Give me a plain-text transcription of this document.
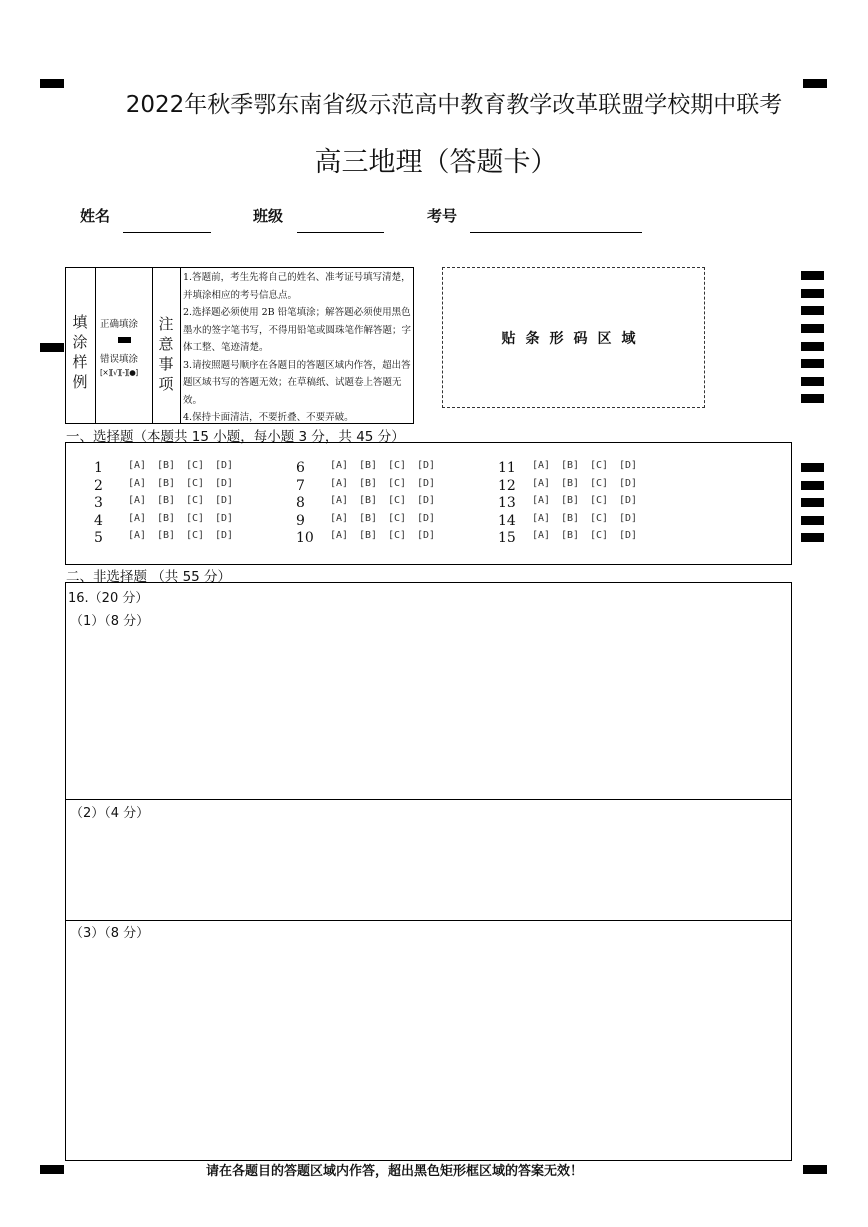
2022年秋季鄂东南省级示范高中教育教学改革联盟学校期中联考
高三地理（答题卡）
姓名	班级	考号
填涂样例
正确填涂
错误填涂
[×][√][-][●]
注意事项

1.答题前，考生先将自己的姓名、准考证号填写清楚，并填涂相应的考号信息点。

2.选择题必须使用 2B 铅笔填涂；解答题必须使用黑色墨水的签字笔书写，不得用铅笔或圆珠笔作解答题；字体工整、笔迹清楚。

3.请按照题号顺序在各题目的答题区域内作答，超出答题区域书写的答题无效；在草稿纸、试题卷上答题无效。

4.保持卡面清洁，不要折叠、不要弄破。

贴条形码区域
一、选择题（本题共 15 小题，每小题 3 分，共 45 分）
1	[A] [B] [C] [D]
2	[A] [B] [C] [D]
3	[A] [B] [C] [D]
4	[A] [B] [C] [D]
5	[A] [B] [C] [D]
6	[A] [B] [C] [D]
7	[A] [B] [C] [D]
8	[A] [B] [C] [D]
9	[A] [B] [C] [D]
10 [A] [B] [C] [D]
11 [A] [B] [C] [D]
12 [A] [B] [C] [D]
13 [A] [B] [C] [D]
14 [A] [B] [C] [D]
15 [A] [B] [C] [D]
二、非选择题 （共 55 分）
16.（20 分）
（1）（8 分）
（2）（4 分）
（3）（8 分）
请在各题目的答题区域内作答，超出黑色矩形框区域的答案无效！
